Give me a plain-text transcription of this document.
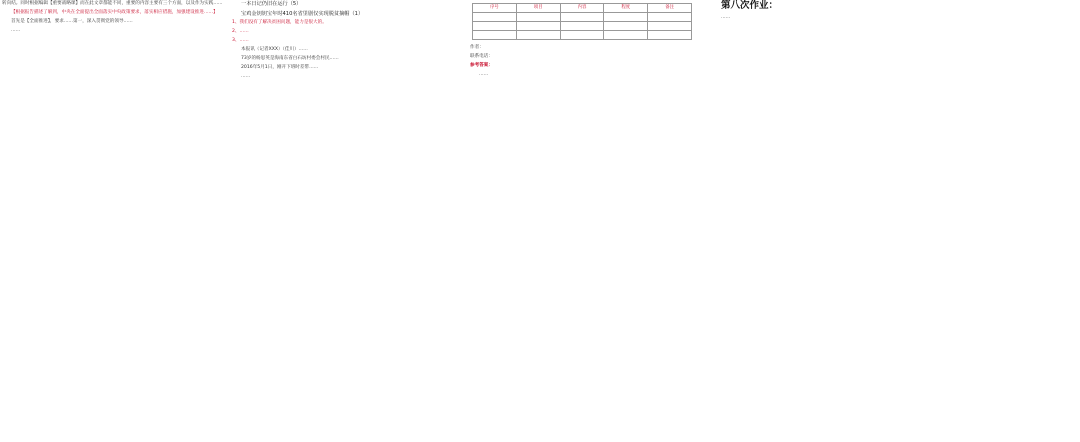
转向结。同时根据编辑【重要战略课】而在此文章都能不同，重要的内容主要有三个方面，以及作为实践……

【根据报告描述了解到，中央在全面提出全面落实中央政策要求，落实相应措施，加强建设推进……】

首先是【全面推进】，要求……第一，深入贯彻党的领导……

……

一本日记仍旧在运行（5）

宝鸡金钥钥宝年时410名省里剧仅实现脱贫摘帽（1）

1、我们没有了解决贫困问题，能力是很大的。

2、……

3、……

本报讯（记者XXX）（佳川）……

73岁的杨思英是海南东省白石坊村委会村民……

2016年5月1日，刚开下班时差带……

……

序号	项目	内容	程度	备注

作者：

联系电话：

参考答案：

……

第八次作业：

……
